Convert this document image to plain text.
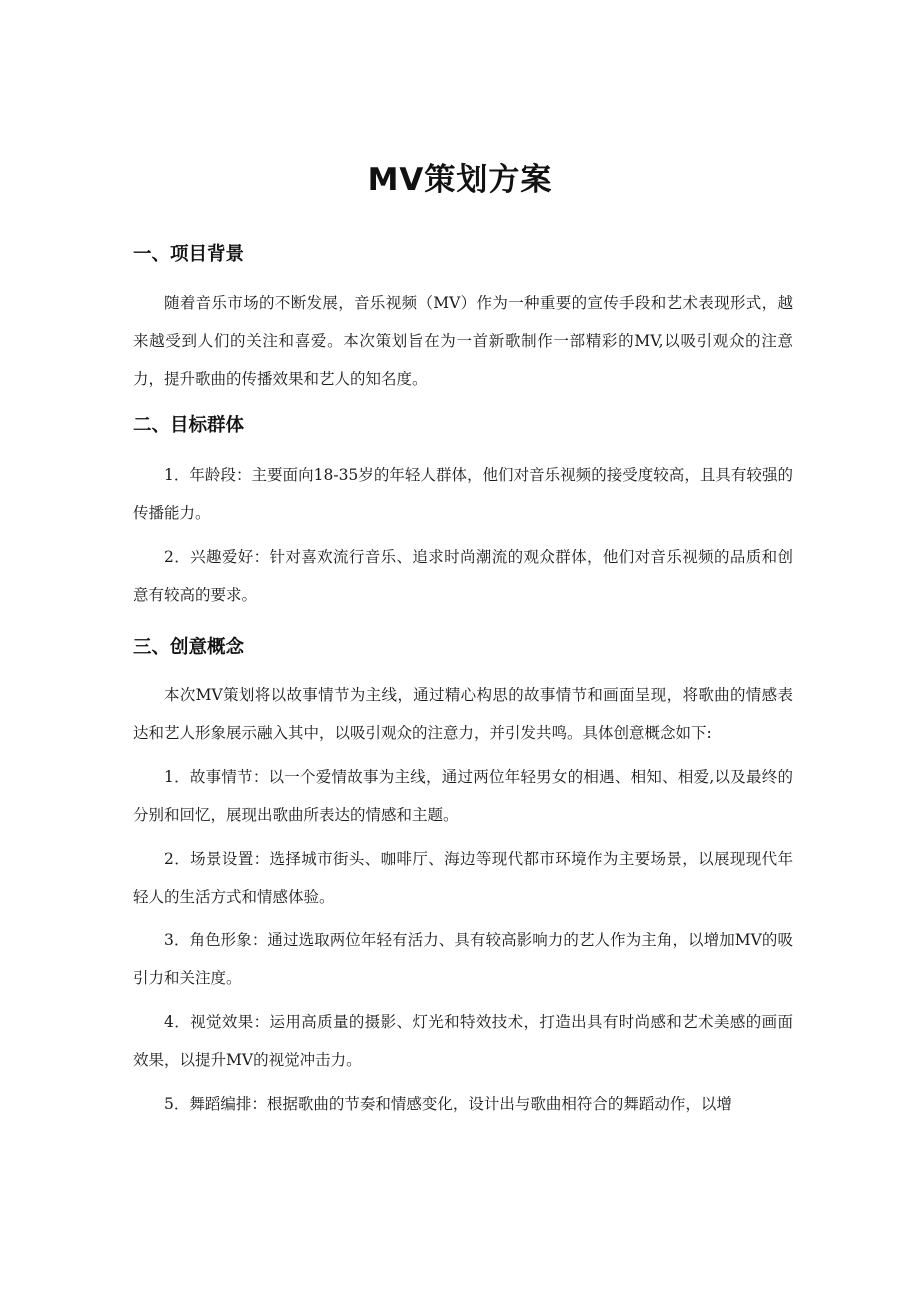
MV策划方案
一、项目背景

随着音乐市场的不断发展，音乐视频（MV）作为一种重要的宣传手段和艺术表现形式，越来越受到人们的关注和喜爱。本次策划旨在为一首新歌制作一部精彩的MV,以吸引观众的注意力，提升歌曲的传播效果和艺人的知名度。

二、目标群体

1．年龄段：主要面向18-35岁的年轻人群体，他们对音乐视频的接受度较高，且具有较强的传播能力。

2．兴趣爱好：针对喜欢流行音乐、追求时尚潮流的观众群体，他们对音乐视频的品质和创意有较高的要求。

三、创意概念

本次MV策划将以故事情节为主线，通过精心构思的故事情节和画面呈现，将歌曲的情感表达和艺人形象展示融入其中，以吸引观众的注意力，并引发共鸣。具体创意概念如下:

1．故事情节：以一个爱情故事为主线，通过两位年轻男女的相遇、相知、相爱,以及最终的分别和回忆，展现出歌曲所表达的情感和主题。

2．场景设置：选择城市街头、咖啡厅、海边等现代都市环境作为主要场景，以展现现代年轻人的生活方式和情感体验。

3．角色形象：通过选取两位年轻有活力、具有较高影响力的艺人作为主角，以增加MV的吸引力和关注度。

4．视觉效果：运用高质量的摄影、灯光和特效技术，打造出具有时尚感和艺术美感的画面效果，以提升MV的视觉冲击力。

5．舞蹈编排：根据歌曲的节奏和情感变化，设计出与歌曲相符合的舞蹈动作，以增
